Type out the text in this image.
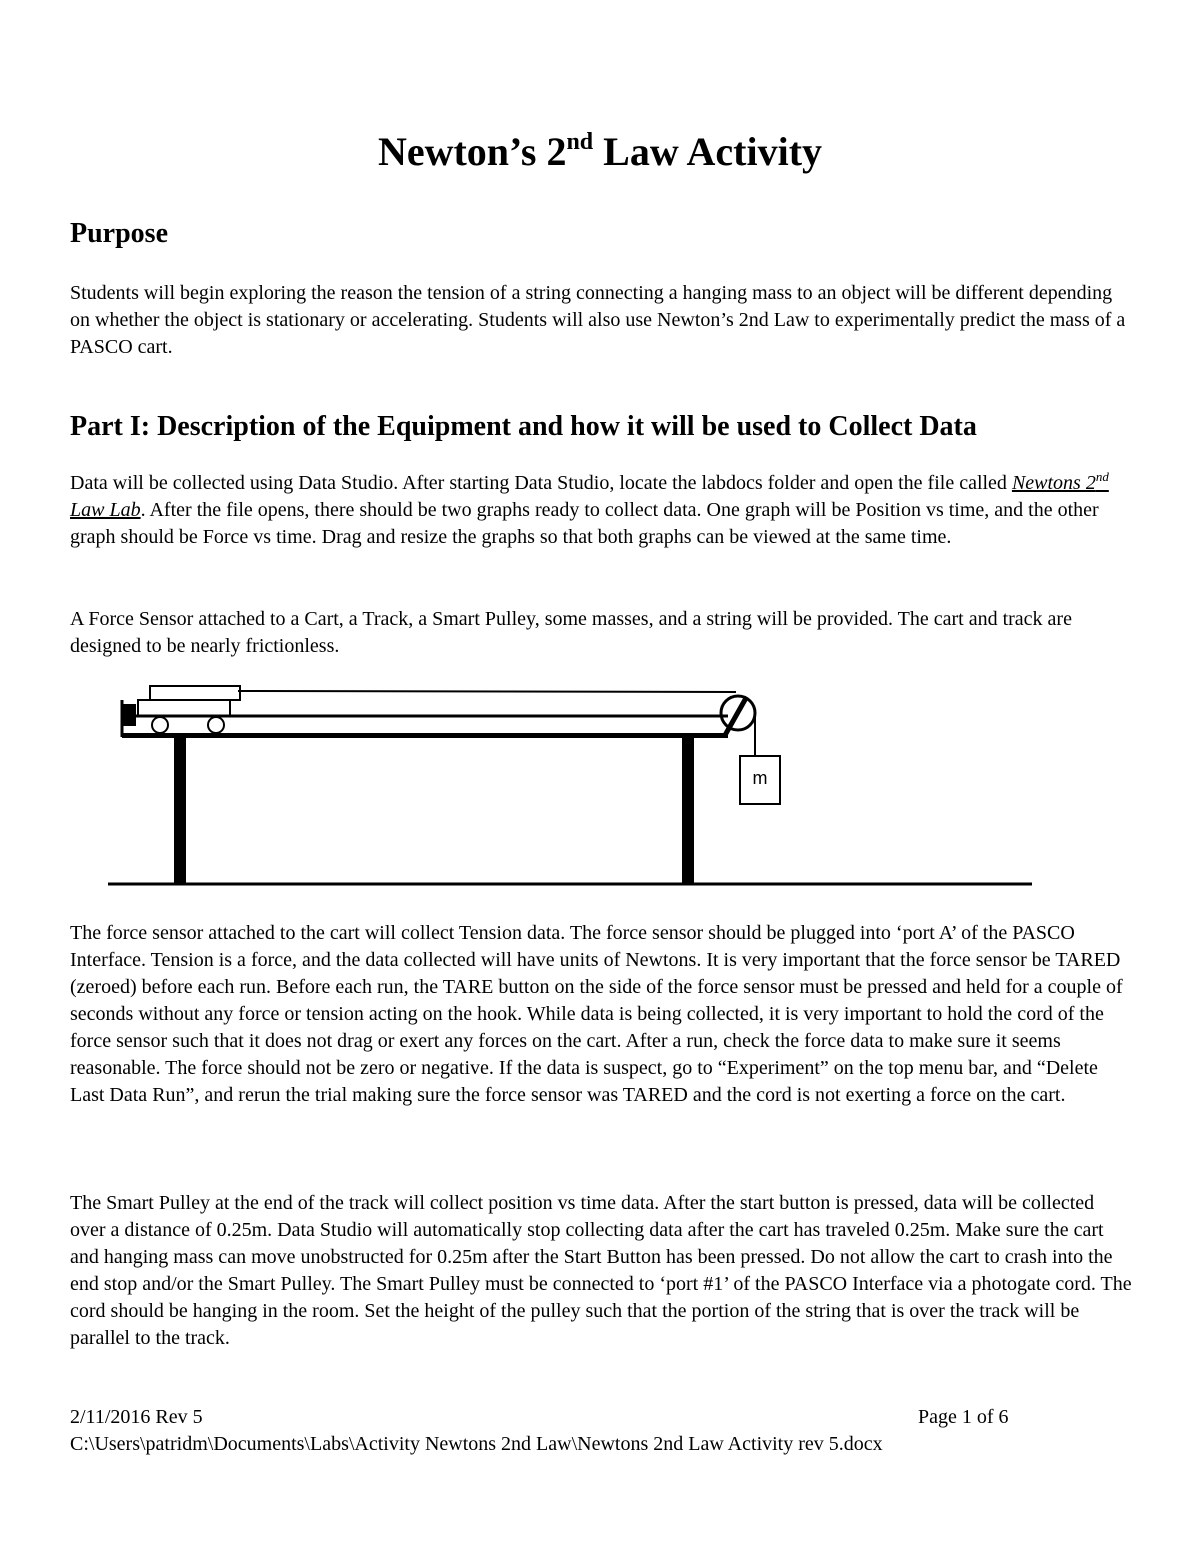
Newton’s 2nd Law Activity
Purpose

Students will begin exploring the reason the tension of a string connecting a hanging mass to an object will be different depending on whether the object is stationary or accelerating. Students will also use Newton’s 2nd Law to experimentally predict the mass of a PASCO cart.

Part I: Description of the Equipment and how it will be used to Collect Data

Data will be collected using Data Studio. After starting Data Studio, locate the labdocs folder and open the file called Newtons 2nd Law Lab. After the file opens, there should be two graphs ready to collect data. One graph will be Position vs time, and the other graph should be Force vs time. Drag and resize the graphs so that both graphs can be viewed at the same time.

A Force Sensor attached to a Cart, a Track, a Smart Pulley, some masses, and a string will be provided. The cart and track are designed to be nearly frictionless.

m

The force sensor attached to the cart will collect Tension data. The force sensor should be plugged into ‘port A’ of the PASCO Interface. Tension is a force, and the data collected will have units of Newtons. It is very important that the force sensor be TARED (zeroed) before each run. Before each run, the TARE button on the side of the force sensor must be pressed and held for a couple of seconds without any force or tension acting on the hook. While data is being collected, it is very important to hold the cord of the force sensor such that it does not drag or exert any forces on the cart. After a run, check the force data to make sure it seems reasonable. The force should not be zero or negative. If the data is suspect, go to “Experiment” on the top menu bar, and “Delete Last Data Run”, and rerun the trial making sure the force sensor was TARED and the cord is not exerting a force on the cart.

The Smart Pulley at the end of the track will collect position vs time data. After the start button is pressed, data will be collected over a distance of 0.25m. Data Studio will automatically stop collecting data after the cart has traveled 0.25m. Make sure the cart and hanging mass can move unobstructed for 0.25m after the Start Button has been pressed. Do not allow the cart to crash into the end stop and/or the Smart Pulley. The Smart Pulley must be connected to ‘port #1’ of the PASCO Interface via a photogate cord. The cord should be hanging in the room. Set the height of the pulley such that the portion of the string that is over the track will be parallel to the track.

2/11/2016 Rev 5	Page 1 of 6
C:\Users\patridm\Documents\Labs\Activity Newtons 2nd Law\Newtons 2nd Law Activity rev 5.docx
